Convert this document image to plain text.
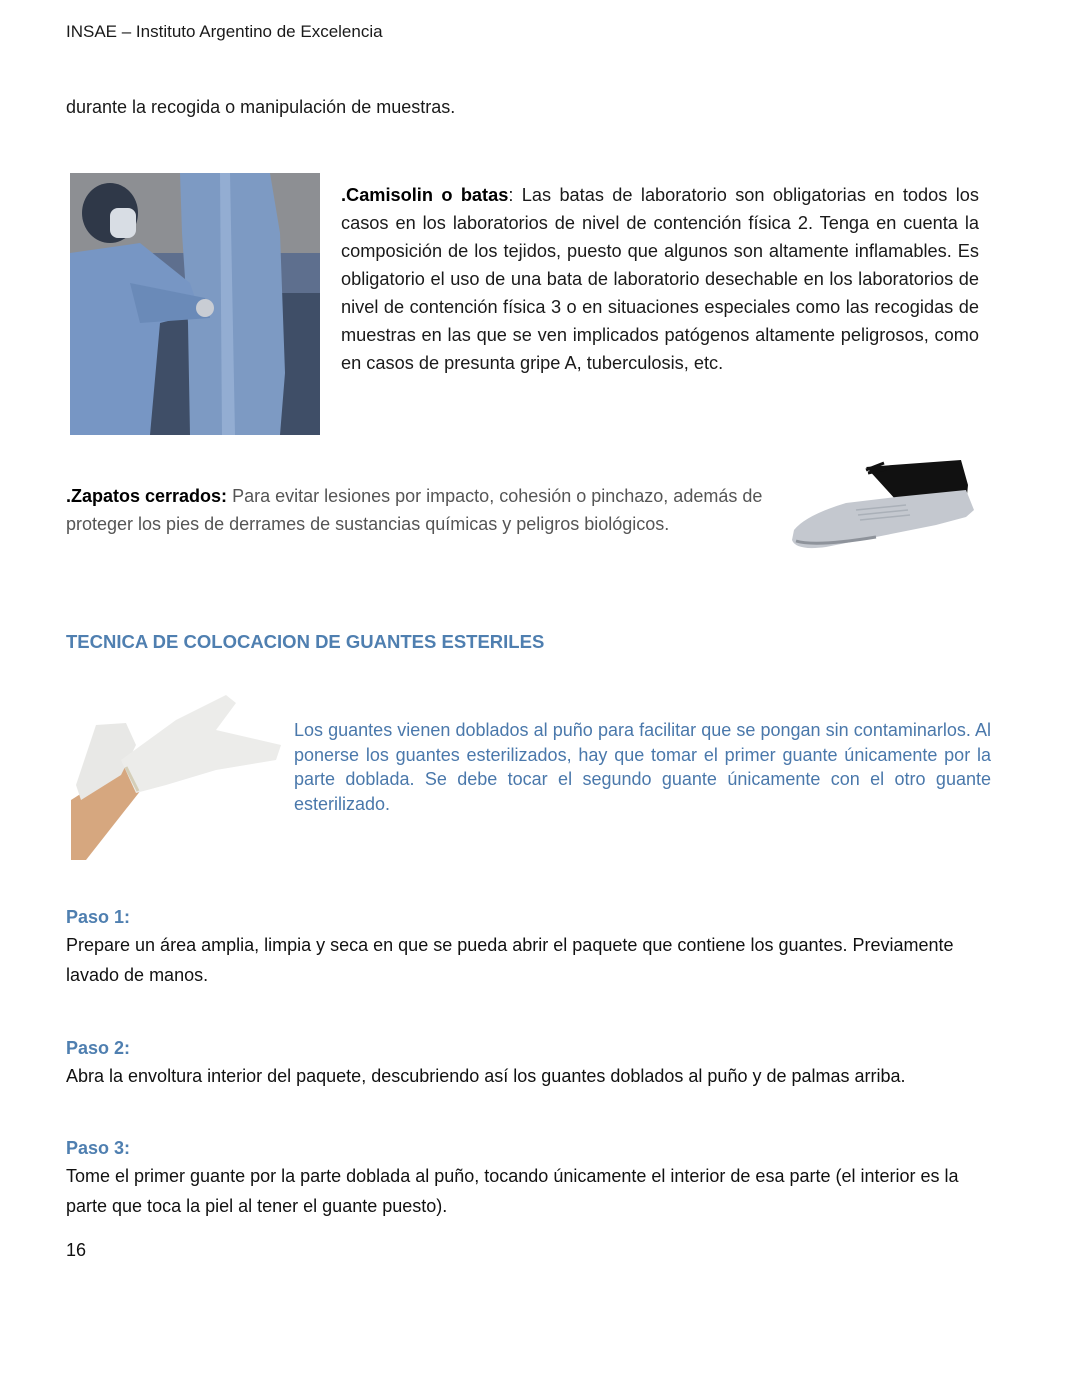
INSAE – Instituto Argentino de Excelencia
durante la recogida o manipulación de muestras.
.Camisolin o batas: Las batas de laboratorio son obligatorias en todos los casos en los laboratorios de nivel de contención física 2. Tenga en cuenta la composición de los tejidos, puesto que algunos son altamente inflamables. Es obligatorio el uso de una bata de laboratorio desechable en los laboratorios de nivel de contención física 3 o en situaciones especiales como las recogidas de muestras en las que se ven implicados patógenos altamente peligrosos, como en casos de presunta gripe A, tuberculosis, etc.
.Zapatos cerrados: Para evitar lesiones por impacto, cohesión o pinchazo, además de proteger los pies de derrames de sustancias químicas y peligros biológicos.
TECNICA DE COLOCACION DE GUANTES ESTERILES
Los guantes vienen doblados al puño para facilitar que se pongan sin contaminarlos. Al ponerse los guantes esterilizados, hay que tomar el primer guante únicamente por la parte doblada. Se debe tocar el segundo guante únicamente con el otro guante esterilizado.
Paso 1:
Prepare un área amplia, limpia y seca en que se pueda abrir el paquete que contiene los guantes. Previamente lavado de manos.
Paso 2:
Abra la envoltura interior del paquete, descubriendo así los guantes doblados al puño y de palmas arriba.
Paso 3:
Tome el primer guante por la parte doblada al puño, tocando únicamente el interior de esa parte (el interior es la parte que toca la piel al tener el guante puesto).
16
